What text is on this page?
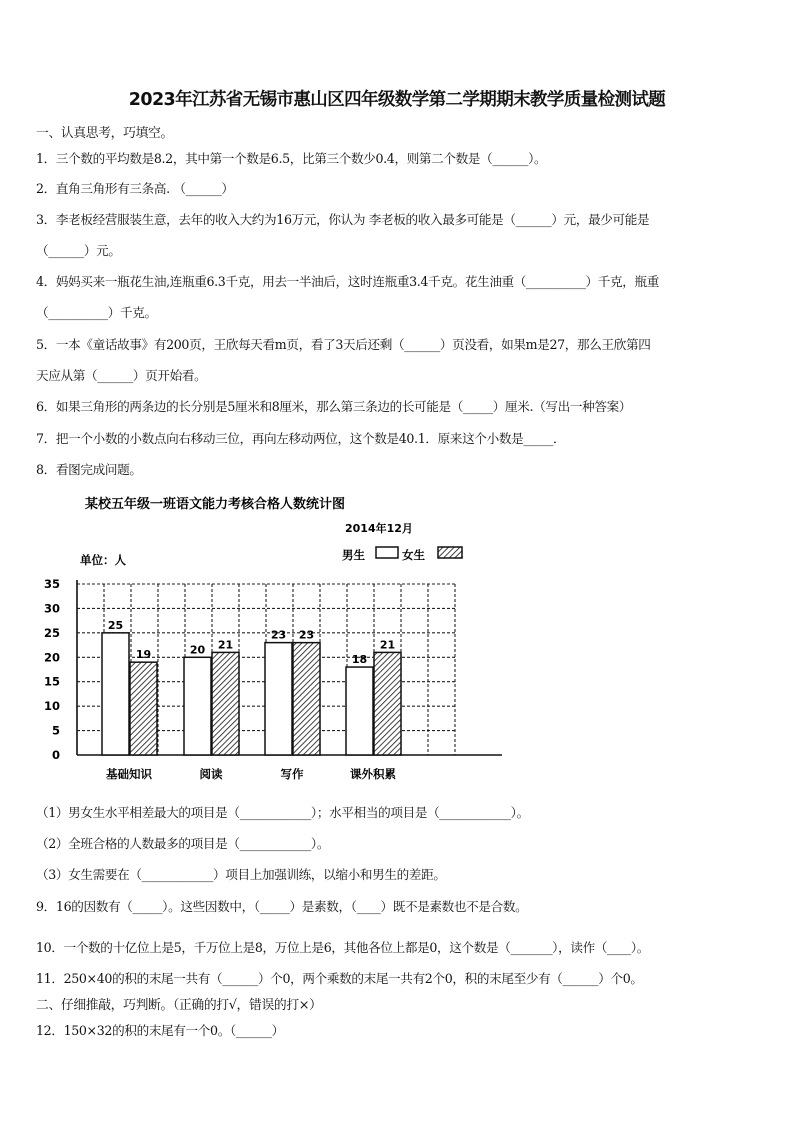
2023年江苏省无锡市惠山区四年级数学第二学期期末教学质量检测试题
一、认真思考，巧填空。
1．三个数的平均数是8.2，其中第一个数是6.5，比第三个数少0.4，则第二个数是（______）。
2．直角三角形有三条高. （______）
3．李老板经营服装生意，去年的收入大约为16万元，你认为 李老板的收入最多可能是（______）元，最少可能是
（______）元。
4．妈妈买来一瓶花生油,连瓶重6.3千克，用去一半油后，这时连瓶重3.4千克。花生油重（__________）千克，瓶重
（__________）千克。
5．一本《童话故事》有200页，王欣每天看m页，看了3天后还剩（______）页没看，如果m是27，那么王欣第四
天应从第（______）页开始看。
6．如果三角形的两条边的长分别是5厘米和8厘米，那么第三条边的长可能是（_____）厘米.（写出一种答案）
7．把一个小数的小数点向右移动三位，再向左移动两位，这个数是40.1．原来这个小数是_____．
8．看图完成问题。
某校五年级一班语文能力考核合格人数统计图
2014年12月
单位：人	男生	女生
0
5
10
15
20
25
30
35
25
19
基础知识
20 21
阅读
23 23
写作
18
21
课外积累
（1）男女生水平相差最大的项目是（____________）；水平相当的项目是（____________）。
（2）全班合格的人数最多的项目是（____________）。
（3）女生需要在（____________）项目上加强训练，以缩小和男生的差距。
9．16的因数有（_____）。这些因数中，（_____）是素数，（____）既不是素数也不是合数。
10．一个数的十亿位上是5，千万位上是8，万位上是6，其他各位上都是0，这个数是（_______），读作（____）。
11．250×40的积的末尾一共有（______）个0，两个乘数的末尾一共有2个0，积的末尾至少有（______）个0。
二、仔细推敲，巧判断。（正确的打√，错误的打×）
12．150×32的积的末尾有一个0。（______）
